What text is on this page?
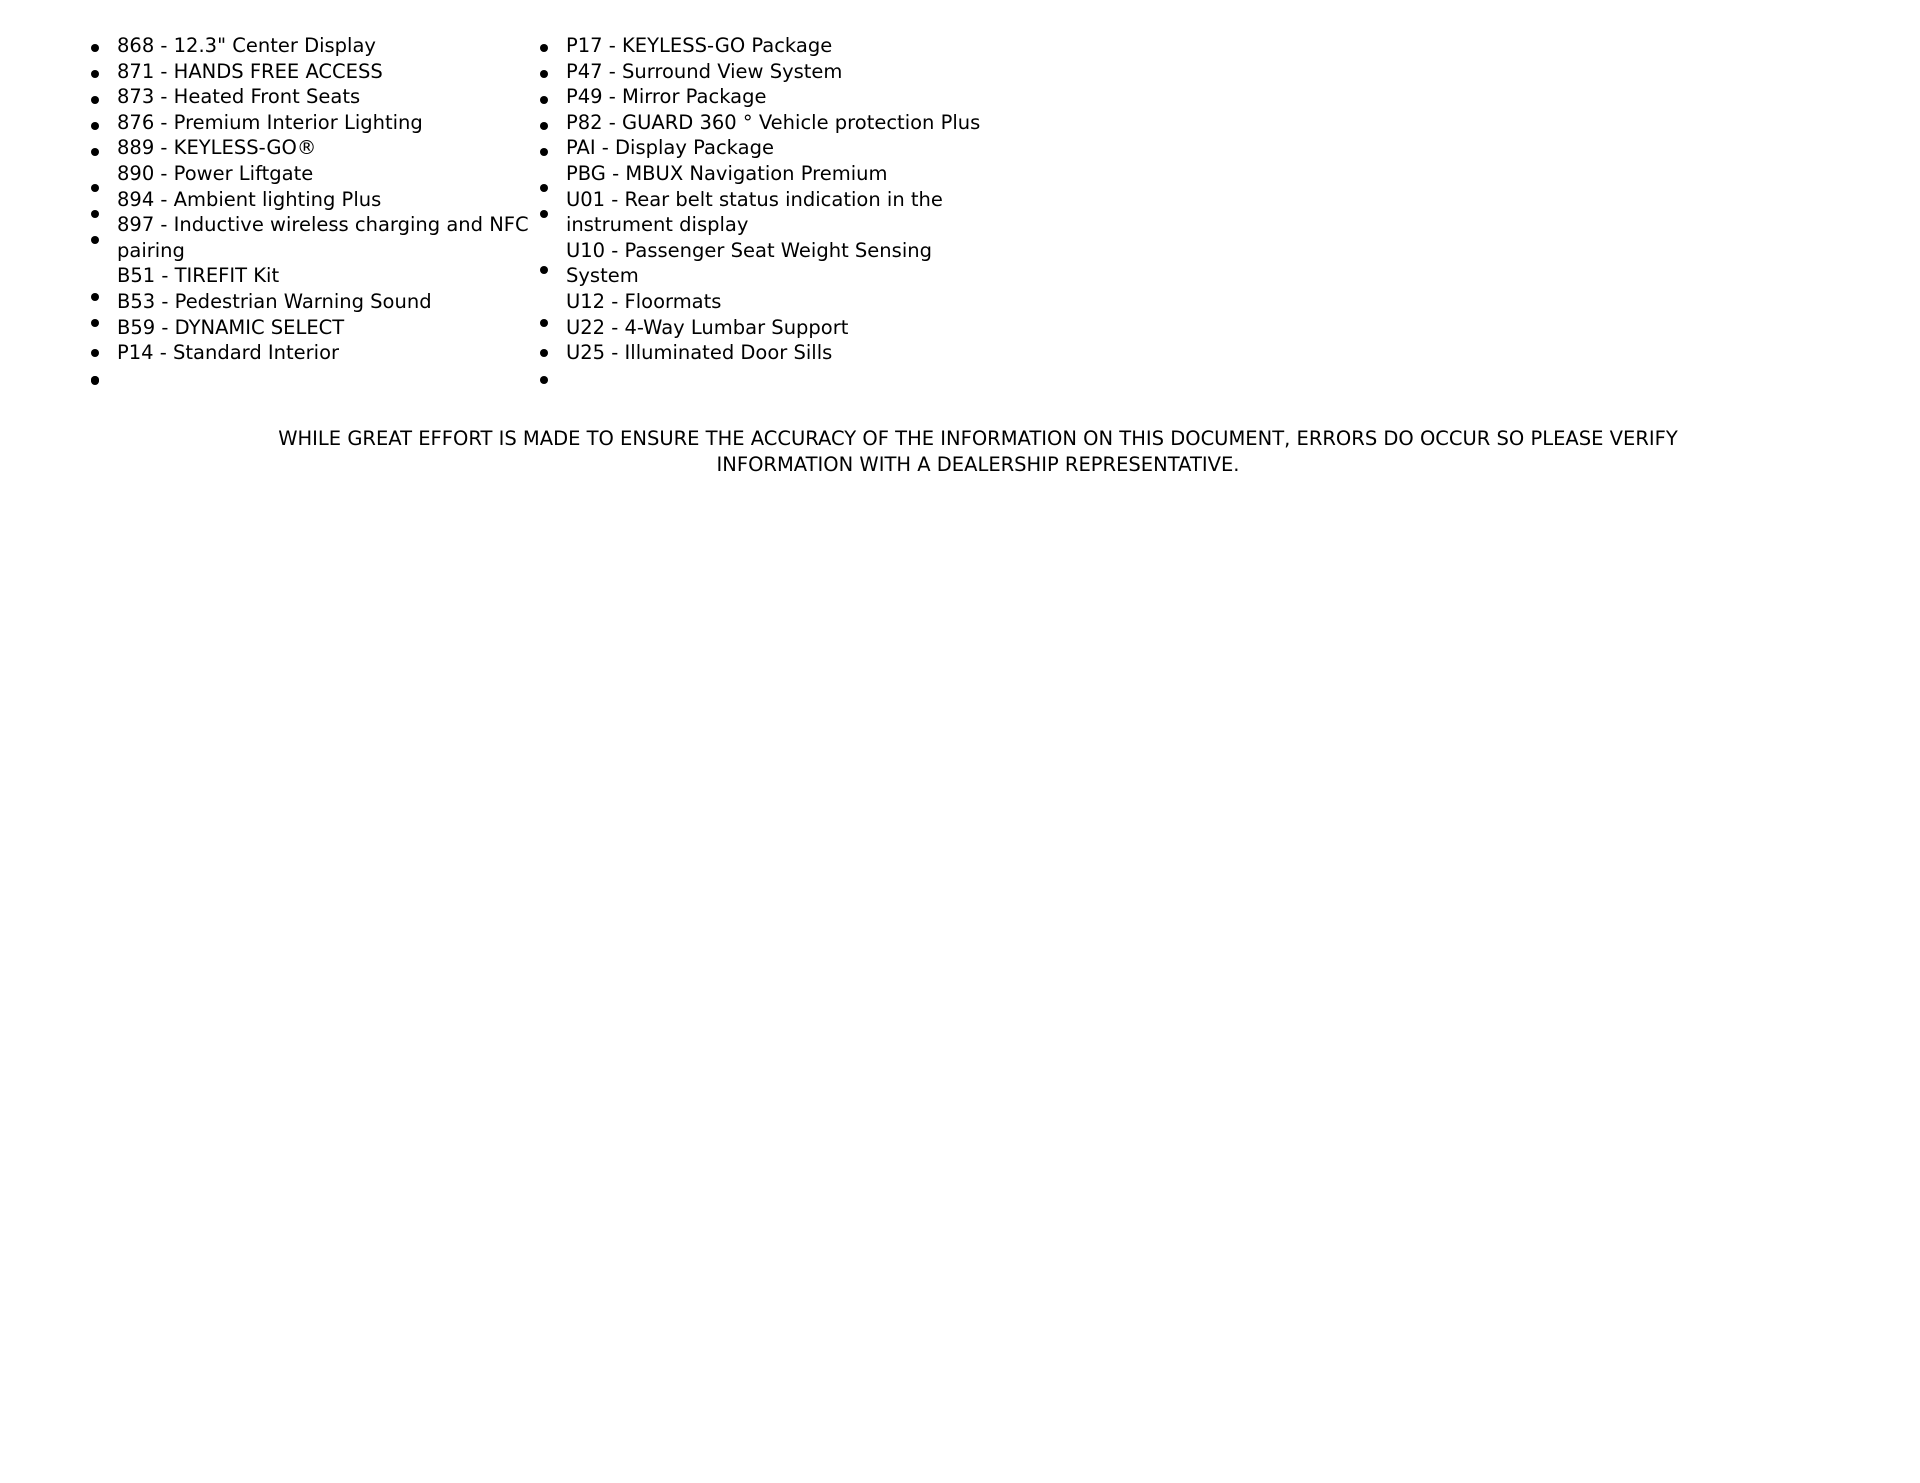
868 - 12.3" Center Display
871 - HANDS FREE ACCESS
873 - Heated Front Seats
876 - Premium Interior Lighting
889 - KEYLESS-GO®
890 - Power Liftgate
894 - Ambient lighting Plus
897 - Inductive wireless charging and NFC
pairing
B51 - TIREFIT Kit
B53 - Pedestrian Warning Sound
B59 - DYNAMIC SELECT
P14 - Standard Interior
P17 - KEYLESS-GO Package
P47 - Surround View System
P49 - Mirror Package
P82 - GUARD 360 ° Vehicle protection Plus
PAI - Display Package
PBG - MBUX Navigation Premium
U01 - Rear belt status indication in the
instrument display
U10 - Passenger Seat Weight Sensing
System
U12 - Floormats
U22 - 4-Way Lumbar Support
U25 - Illuminated Door Sills
WHILE GREAT EFFORT IS MADE TO ENSURE THE ACCURACY OF THE INFORMATION ON THIS DOCUMENT, ERRORS DO OCCUR SO PLEASE VERIFY
INFORMATION WITH A DEALERSHIP REPRESENTATIVE.
